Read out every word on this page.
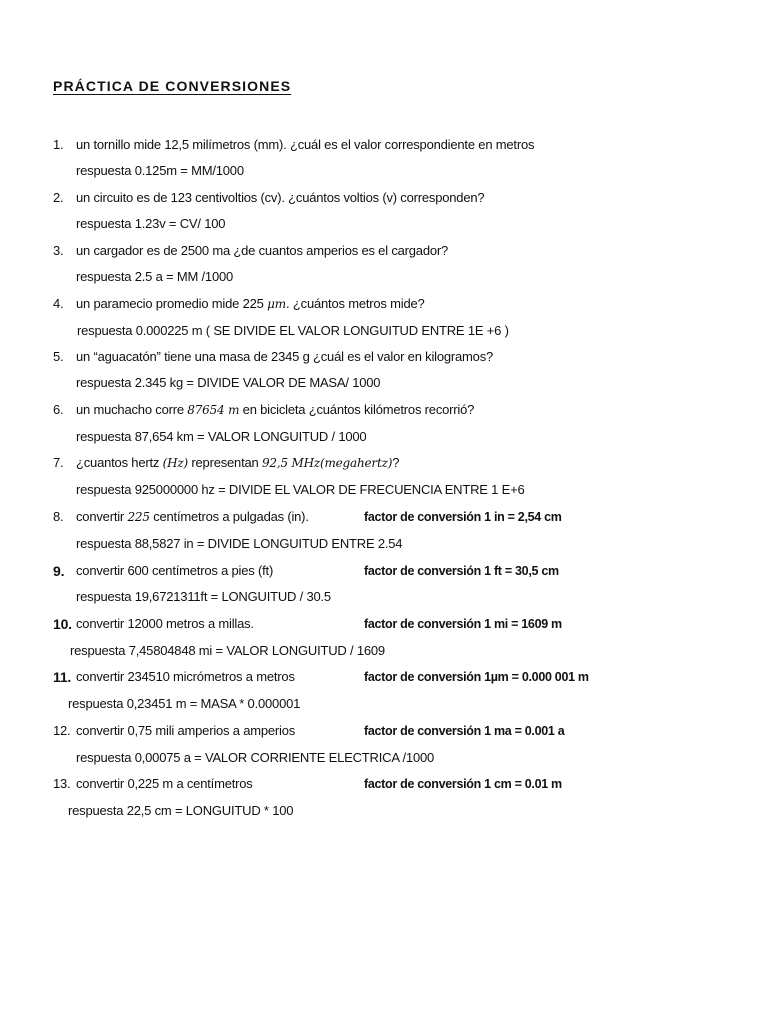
PRÁCTICA DE CONVERSIONES
1. un tornillo mide 12,5 milímetros (mm). ¿cuál es el valor correspondiente en metros
respuesta 0.125m = MM/1000
2. un circuito es de 123 centivoltios (cv). ¿cuántos voltios (v) corresponden?
respuesta 1.23v = CV/ 100
3. un cargador es de 2500 ma ¿de cuantos amperios es el cargador?
respuesta 2.5 a = MM /1000
4. un paramecio promedio mide 225 μm. ¿cuántos metros mide?
respuesta 0.000225 m ( SE DIVIDE EL VALOR LONGUITUD ENTRE 1E +6 )
5. un “aguacatón” tiene una masa de 2345 g ¿cuál es el valor en kilogramos?
respuesta 2.345 kg = DIVIDE VALOR DE MASA/ 1000
6. un muchacho corre 87654 m en bicicleta ¿cuántos kilómetros recorrió?
respuesta 87,654 km = VALOR LONGUITUD / 1000
7. ¿cuantos hertz (Hz) representan 92,5 MHz(megahertz)?
respuesta 925000000 hz = DIVIDE EL VALOR DE FRECUENCIA ENTRE 1 E+6
8. convertir 225 centímetros a pulgadas (in).	factor de conversión 1 in = 2,54 cm
respuesta 88,5827 in = DIVIDE LONGUITUD ENTRE 2.54
9. convertir 600 centímetros a pies (ft)	factor de conversión 1 ft = 30,5 cm
respuesta 19,6721311ft = LONGUITUD / 30.5
10. convertir 12000 metros a millas.	factor de conversión 1 mi = 1609 m
respuesta 7,45804848 mi = VALOR LONGUITUD / 1609
11. convertir 234510 micrómetros a metros	factor de conversión 1µm = 0.000 001 m
respuesta 0,23451 m = MASA * 0.000001
12. convertir 0,75 mili amperios a amperios	factor de conversión 1 ma = 0.001 a
respuesta 0,00075 a = VALOR CORRIENTE ELECTRICA /1000
13. convertir 0,225 m a centímetros	factor de conversión 1 cm = 0.01 m
respuesta 22,5 cm = LONGUITUD * 100
